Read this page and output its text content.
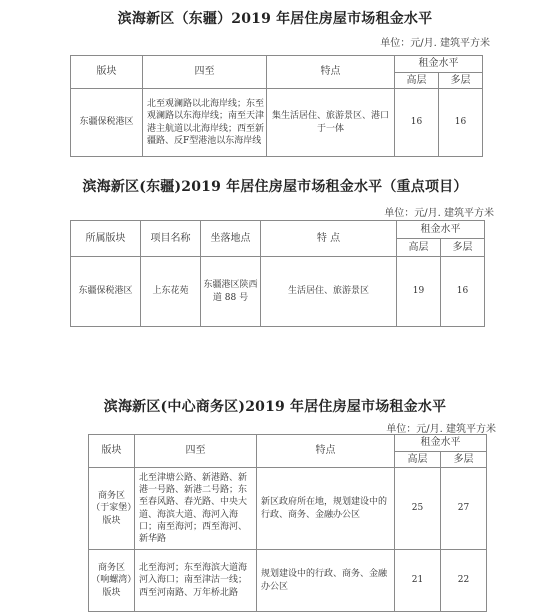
滨海新区（东疆）2019 年居住房屋市场租金水平
单位：元/月. 建筑平方米
版块	四至	特点	租金水平	
			高层	多层
东疆保税港区	北至观澜路以北海岸线；东至观澜路以东海岸线；南至天津港主航道以北海岸线；西至新疆路、反F型港池以东海岸线	集生活居住、旅游景区、港口于一体	16	16
滨海新区(东疆)2019 年居住房屋市场租金水平（重点项目）
单位：元/月. 建筑平方米
所属版块	项目名称	坐落地点	特 点	租金水平	
				高层	多层
东疆保税港区	上东花苑	东疆港区陕西道 88 号	生活居住、旅游景区	19	16
滨海新区(中心商务区)2019 年居住房屋市场租金水平
单位：元/月. 建筑平方米
版块	四至	特点	租金水平	
			高层	多层
商务区（于家堡）版块	北至津塘公路、新港路、新港一号路、新港二号路；东至春风路、春光路、中央大道、海滨大道、海河入海口；南至海河；西至海河、新华路	新区政府所在地，规划建设中的行政、商务、金融办公区	25	27
商务区（响螺湾）版块	北至海河；东至海滨大道海河入海口；南至津沽一线；西至河南路、万年桥北路	规划建设中的行政、商务、金融办公区	21	22
